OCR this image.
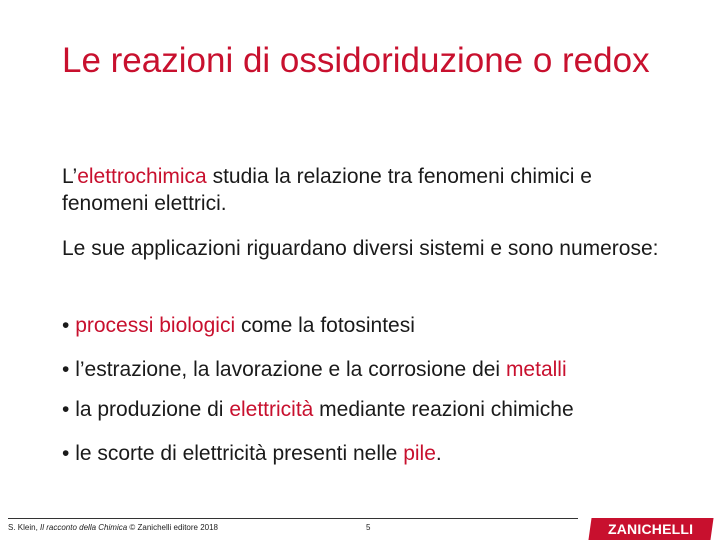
Le reazioni di ossidoriduzione o redox

L’elettrochimica studia la relazione tra fenomeni chimici e fenomeni elettrici.

Le sue applicazioni riguardano diversi sistemi e sono numerose:

• processi biologici come la fotosintesi
• l’estrazione, la lavorazione e la corrosione dei metalli
• la produzione di elettricità mediante reazioni chimiche
• le scorte di elettricità presenti nelle pile.
S. Klein, Il racconto della Chimica © Zanichelli editore 2018	5	ZANICHELLI
